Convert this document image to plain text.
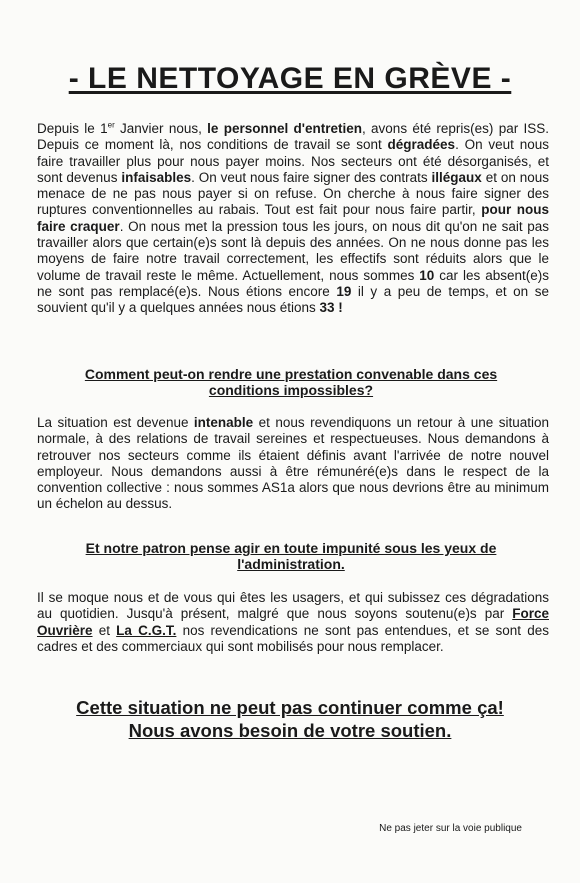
- LE NETTOYAGE EN GRÈVE -

Depuis le 1er Janvier nous, le personnel d'entretien, avons été repris(es) par ISS. Depuis ce moment là, nos conditions de travail se sont dégradées. On veut nous faire travailler plus pour nous payer moins. Nos secteurs ont été désorganisés, et sont devenus infaisables. On veut nous faire signer des contrats illégaux et on nous menace de ne pas nous payer si on refuse. On cherche à nous faire signer des ruptures conventionnelles au rabais. Tout est fait pour nous faire partir, pour nous faire craquer. On nous met la pression tous les jours, on nous dit qu'on ne sait pas travailler alors que certain(e)s sont là depuis des années. On ne nous donne pas les moyens de faire notre travail correctement, les effectifs sont réduits alors que le volume de travail reste le même. Actuellement, nous sommes 10 car les absent(e)s ne sont pas remplacé(e)s. Nous étions encore 19 il y a peu de temps, et on se souvient qu'il y a quelques années nous étions 33 !

Comment peut-on rendre une prestation convenable dans ces conditions impossibles?

La situation est devenue intenable et nous revendiquons un retour à une situation normale, à des relations de travail sereines et respectueuses. Nous demandons à retrouver nos secteurs comme ils étaient définis avant l'arrivée de notre nouvel employeur. Nous demandons aussi à être rémunéré(e)s dans le respect de la convention collective : nous sommes AS1a alors que nous devrions être au minimum un échelon au dessus.

Et notre patron pense agir en toute impunité sous les yeux de l'administration.

Il se moque nous et de vous qui êtes les usagers, et qui subissez ces dégradations au quotidien. Jusqu'à présent, malgré que nous soyons soutenu(e)s par Force Ouvrière et La C.G.T. nos revendications ne sont pas entendues, et se sont des cadres et des commerciaux qui sont mobilisés pour nous remplacer.

Cette situation ne peut pas continuer comme ça!
Nous avons besoin de votre soutien.

Ne pas jeter sur la voie publique
